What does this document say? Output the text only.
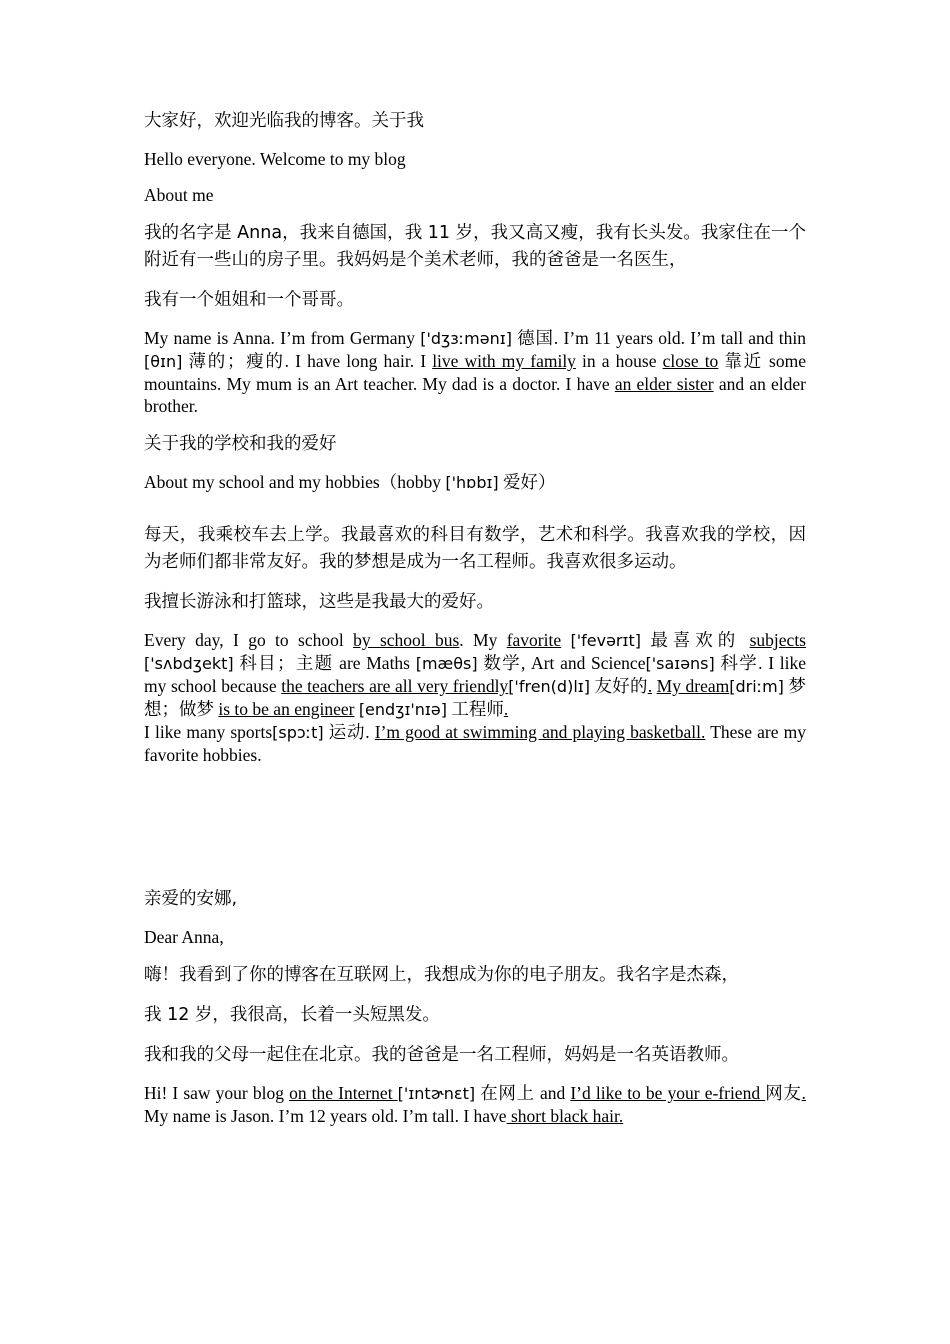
大家好，欢迎光临我的博客。关于我

Hello everyone. Welcome to my blog

About me

我的名字是 Anna，我来自德国，我 11 岁，我又高又瘦，我有长头发。我家住在一个附近有一些山的房子里。我妈妈是个美术老师，我的爸爸是一名医生，

我有一个姐姐和一个哥哥。

My name is Anna. I’m from Germany ['dʒɜːmənɪ] 德国. I’m 11 years old. I’m tall and thin [θɪn] 薄的；瘦的. I have long hair. I live with my family in a house close to 靠近 some mountains. My mum is an Art teacher. My dad is a doctor. I have an elder sister and an elder brother.

关于我的学校和我的爱好

About my school and my hobbies（hobby ['hɒbɪ] 爱好）

每天，我乘校车去上学。我最喜欢的科目有数学，艺术和科学。我喜欢我的学校，因为老师们都非常友好。我的梦想是成为一名工程师。我喜欢很多运动。

我擅长游泳和打篮球，这些是我最大的爱好。

Every day, I go to school by school bus. My favorite ['fevərɪt] 最喜欢的 subjects ['sʌbdʒekt] 科目；主题 are Maths [mæθs] 数学, Art and Science['saɪəns] 科学. I like my school because the teachers are all very friendly['fren(d)lɪ] 友好的. My dream[driːm] 梦想；做梦 is to be an engineer [endʒɪ'nɪə] 工程师.
I like many sports[spɔːt] 运动. I’m good at swimming and playing basketball. These are my favorite hobbies.

亲爱的安娜,

Dear Anna,

嗨！我看到了你的博客在互联网上，我想成为你的电子朋友。我名字是杰森，

我 12 岁，我很高，长着一头短黑发。

我和我的父母一起住在北京。我的爸爸是一名工程师，妈妈是一名英语教师。

Hi! I saw your blog on the Internet ['ɪntɚnɛt] 在网上 and I’d like to be your e-friend 网友. My name is Jason. I’m 12 years old. I’m tall. I have short black hair.
